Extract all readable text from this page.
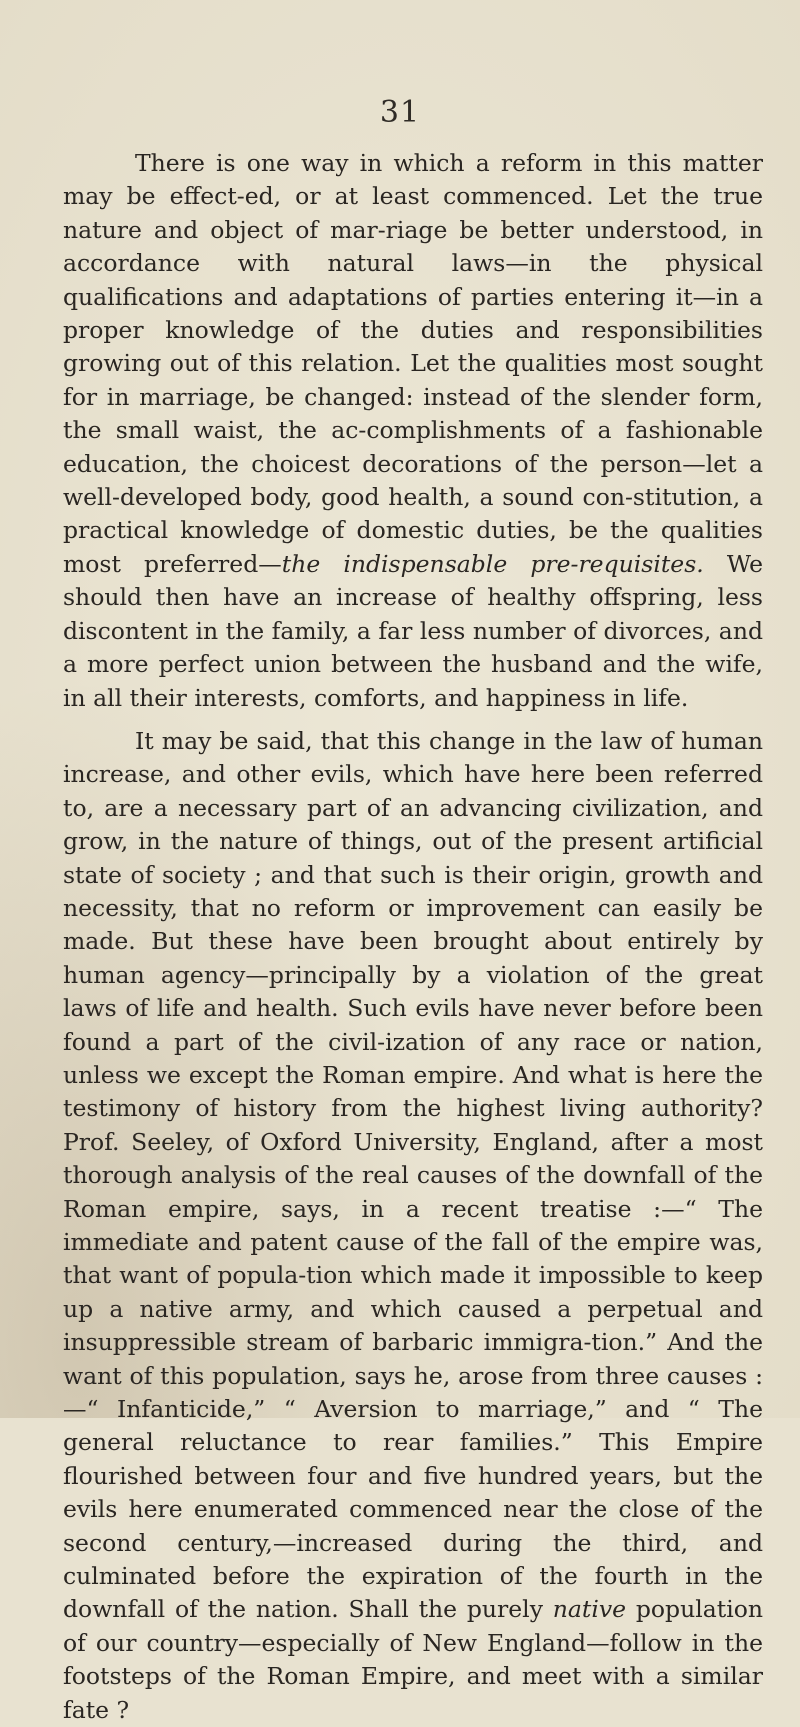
31

There is one way in which a reform in this matter may be effect-ed, or at least commenced. Let the true nature and object of mar-riage be better understood, in accordance with natural laws—in the physical qualifications and adaptations of parties entering it—in a proper knowledge of the duties and responsibilities growing out of this relation. Let the qualities most sought for in marriage, be changed: instead of the slender form, the small waist, the ac-complishments of a fashionable education, the choicest decorations of the person—let a well-developed body, good health, a sound con-stitution, a practical knowledge of domestic duties, be the qualities most preferred—the indispensable pre-requisites. We should then have an increase of healthy offspring, less discontent in the family, a far less number of divorces, and a more perfect union between the husband and the wife, in all their interests, comforts, and happiness in life.

It may be said, that this change in the law of human increase, and other evils, which have here been referred to, are a necessary part of an advancing civilization, and grow, in the nature of things, out of the present artificial state of society ; and that such is their origin, growth and necessity, that no reform or improvement can easily be made. But these have been brought about entirely by human agency—principally by a violation of the great laws of life and health. Such evils have never before been found a part of the civil-ization of any race or nation, unless we except the Roman empire. And what is here the testimony of history from the highest living authority? Prof. Seeley, of Oxford University, England, after a most thorough analysis of the real causes of the downfall of the Roman empire, says, in a recent treatise :—“ The immediate and patent cause of the fall of the empire was, that want of popula-tion which made it impossible to keep up a native army, and which caused a perpetual and insuppressible stream of barbaric immigra-tion.” And the want of this population, says he, arose from three causes :—“ Infanticide,” “ Aversion to marriage,” and “ The general reluctance to rear families.” This Empire flourished between four and five hundred years, but the evils here enumerated commenced near the close of the second century,—increased during the third, and culminated before the expiration of the fourth in the downfall of the nation. Shall the purely native population of our country—especially of New England—follow in the footsteps of the Roman Empire, and meet with a similar fate ?
